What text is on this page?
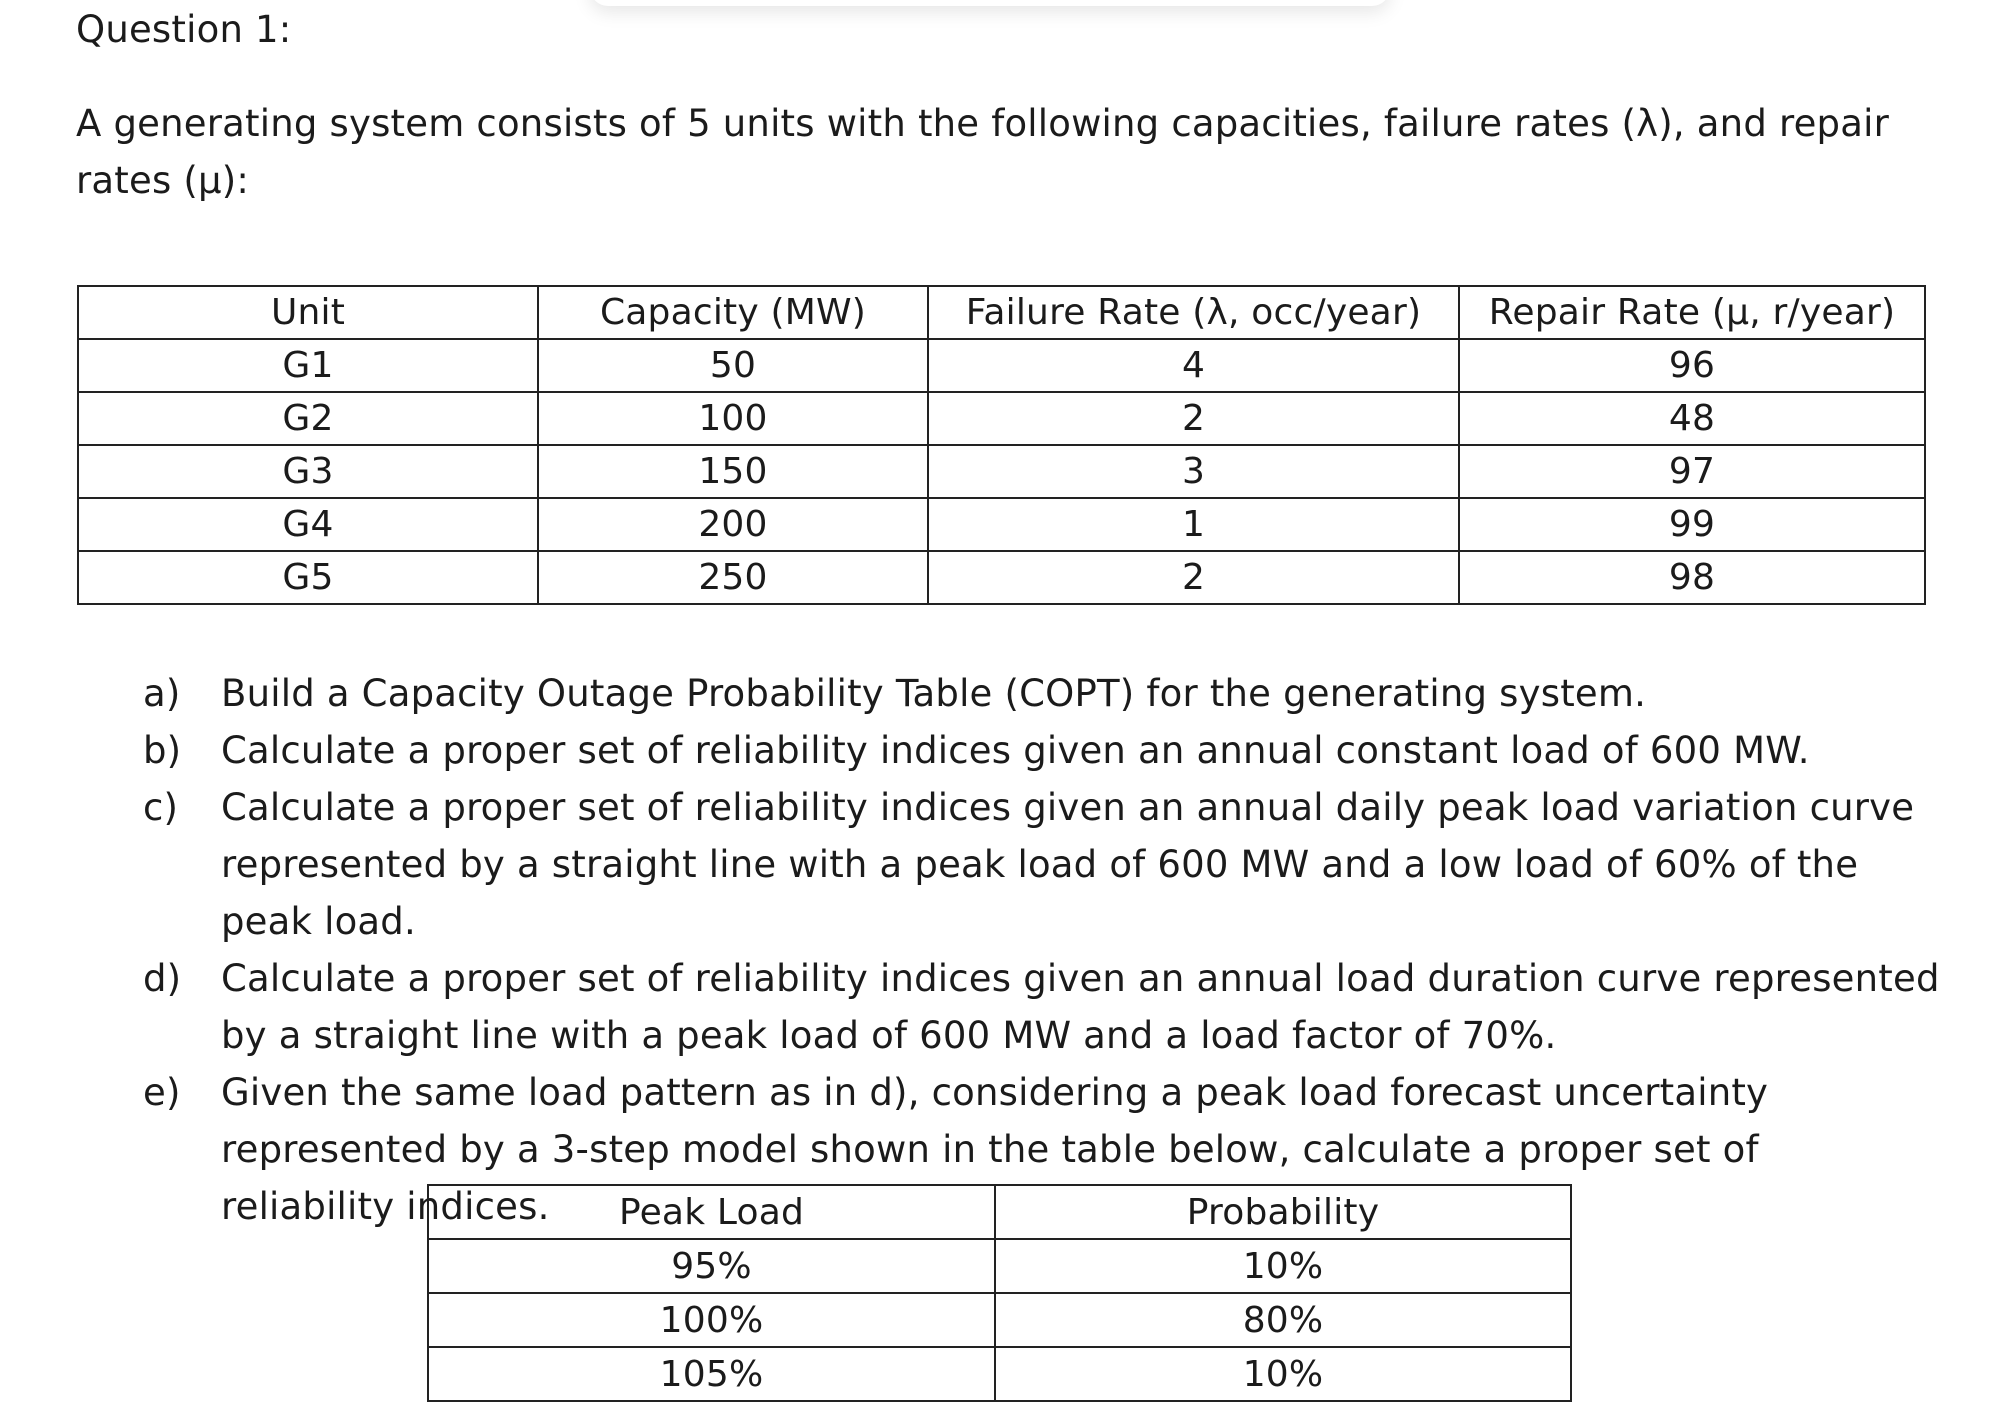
Question 1:
A generating system consists of 5 units with the following capacities, failure rates (λ), and repair rates (μ):
Unit	Capacity (MW)	Failure Rate (λ, occ/year)	Repair Rate (μ, r/year)
G1	50	4	96
G2	100	2	48
G3	150	3	97
G4	200	1	99
G5	250	2	98
a) Build a Capacity Outage Probability Table (COPT) for the generating system.
b) Calculate a proper set of reliability indices given an annual constant load of 600 MW.
c) Calculate a proper set of reliability indices given an annual daily peak load variation curve represented by a straight line with a peak load of 600 MW and a low load of 60% of the peak load.
d) Calculate a proper set of reliability indices given an annual load duration curve represented by a straight line with a peak load of 600 MW and a load factor of 70%.
e) Given the same load pattern as in d), considering a peak load forecast uncertainty represented by a 3-step model shown in the table below, calculate a proper set of reliability indices.	Peak Load	Probability
95%	10%
100%	80%
105%	10%
